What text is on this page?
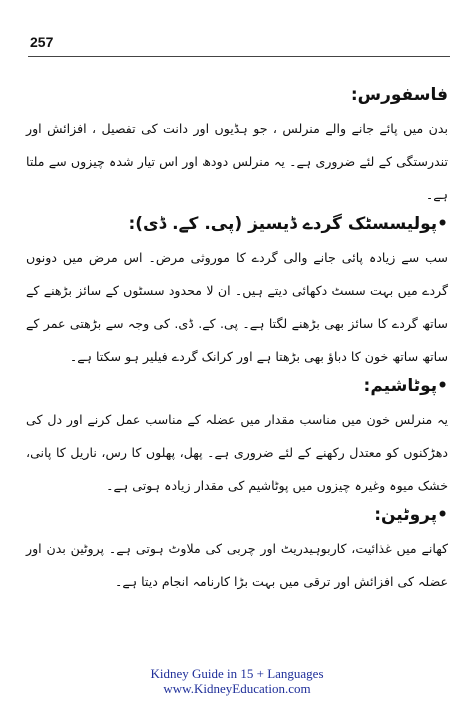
257
فاسفورس:

بدن میں پائے جانے والے منرلس ، جو ہڈیوں اور دانت کی تفصیل ، افزائش اور تندرستگی کے لئے ضروری ہے۔ یہ منرلس دودھ اور اس تیار شدہ چیزوں سے ملتا ہے۔

•پولیسسٹک گردے ڈیسیز (پی. کے. ڈی):

سب سے زیادہ پائی جانے والی گردے کا موروثی مرض۔ اس مرض میں دونوں گردے میں بہت سسٹ دکھائی دیتے ہیں۔ ان لا محدود سسٹوں کے سائز بڑھنے کے ساتھ گردے کا سائز بھی بڑھنے لگتا ہے۔ پی. کے. ڈی. کی وجہ سے بڑھتی عمر کے ساتھ ساتھ خون کا دباؤ بھی بڑھتا ہے اور کرانک گردے فیلیر ہو سکتا ہے۔

•پوٹاشیم:

یہ منرلس خون میں مناسب مقدار میں عضلہ کے مناسب عمل کرنے اور دل کی دھڑکنوں کو معتدل رکھنے کے لئے ضروری ہے۔ پھل، پھلوں کا رس، ناریل کا پانی، خشک میوہ وغیرہ چیزوں میں پوٹاشیم کی مقدار زیادہ ہوتی ہے۔

•پروٹین:

کھانے میں غذائیت، کاربوہیدریٹ اور چربی کی ملاوٹ ہوتی ہے۔ پروٹین بدن اور عضلہ کی افزائش اور ترقی میں بہت بڑا کارنامہ انجام دیتا ہے۔

Kidney Guide in 15 + Languages
www.KidneyEducation.com
